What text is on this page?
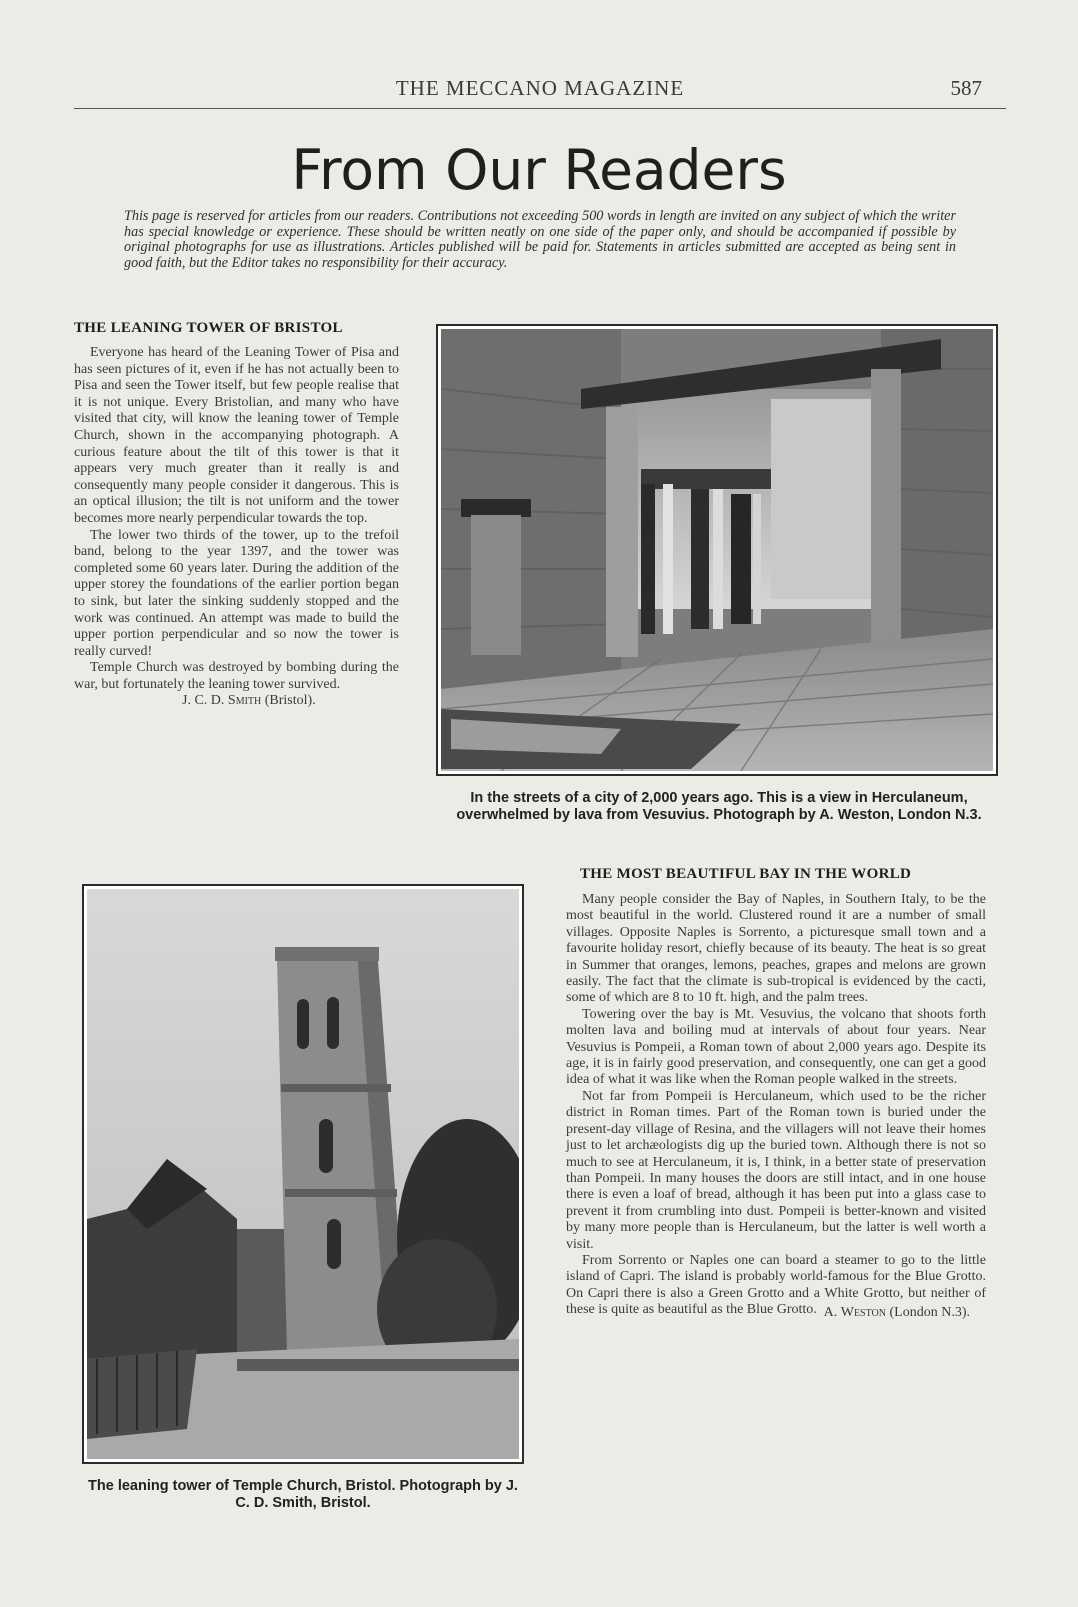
THE MECCANO MAGAZINE	587
From Our Readers
This page is reserved for articles from our readers. Contributions not exceeding 500 words in length are invited on any subject of which the writer has special knowledge or experience. These should be written neatly on one side of the paper only, and should be accompanied if possible by original photographs for use as illustrations. Articles published will be paid for. Statements in articles submitted are accepted as being sent in good faith, but the Editor takes no responsibility for their accuracy.
THE LEANING TOWER OF BRISTOL

Everyone has heard of the Leaning Tower of Pisa and has seen pictures of it, even if he has not actually been to Pisa and seen the Tower itself, but few people realise that it is not unique. Every Bristolian, and many who have visited that city, will know the leaning tower of Temple Church, shown in the accompanying photograph. A curious feature about the tilt of this tower is that it appears very much greater than it really is and consequently many people consider it dangerous. This is an optical illusion; the tilt is not uniform and the tower becomes more nearly perpendicular towards the top.

The lower two thirds of the tower, up to the trefoil band, belong to the year 1397, and the tower was completed some 60 years later. During the addition of the upper storey the foundations of the earlier portion began to sink, but later the sinking suddenly stopped and the work was continued. An attempt was made to build the upper portion perpendicular and so now the tower is really curved!

Temple Church was destroyed by bombing during the war, but fortunately the leaning tower survived.

J. C. D. Smith (Bristol).
In the streets of a city of 2,000 years ago. This is a view in Herculaneum, overwhelmed by lava from Vesuvius. Photograph by A. Weston, London N.3.
The leaning tower of Temple Church, Bristol. Photograph by J. C. D. Smith, Bristol.
THE MOST BEAUTIFUL BAY IN THE WORLD

Many people consider the Bay of Naples, in Southern Italy, to be the most beautiful in the world. Clustered round it are a number of small villages. Opposite Naples is Sorrento, a picturesque small town and a favourite holiday resort, chiefly because of its beauty. The heat is so great in Summer that oranges, lemons, peaches, grapes and melons are grown easily. The fact that the climate is sub-tropical is evidenced by the cacti, some of which are 8 to 10 ft. high, and the palm trees.

Towering over the bay is Mt. Vesuvius, the volcano that shoots forth molten lava and boiling mud at intervals of about four years. Near Vesuvius is Pompeii, a Roman town of about 2,000 years ago. Despite its age, it is in fairly good preservation, and consequently, one can get a good idea of what it was like when the Roman people walked in the streets.

Not far from Pompeii is Herculaneum, which used to be the richer district in Roman times. Part of the Roman town is buried under the present-day village of Resina, and the villagers will not leave their homes just to let archæologists dig up the buried town. Although there is not so much to see at Herculaneum, it is, I think, in a better state of preservation than Pompeii. In many houses the doors are still intact, and in one house there is even a loaf of bread, although it has been put into a glass case to prevent it from crumbling into dust. Pompeii is better-known and visited by many more people than is Herculaneum, but the latter is well worth a visit.

From Sorrento or Naples one can board a steamer to go to the little island of Capri. The island is probably world-famous for the Blue Grotto. On Capri there is also a Green Grotto and a White Grotto, but neither of these is quite as beautiful as the Blue Grotto. A. Weston (London N.3).
